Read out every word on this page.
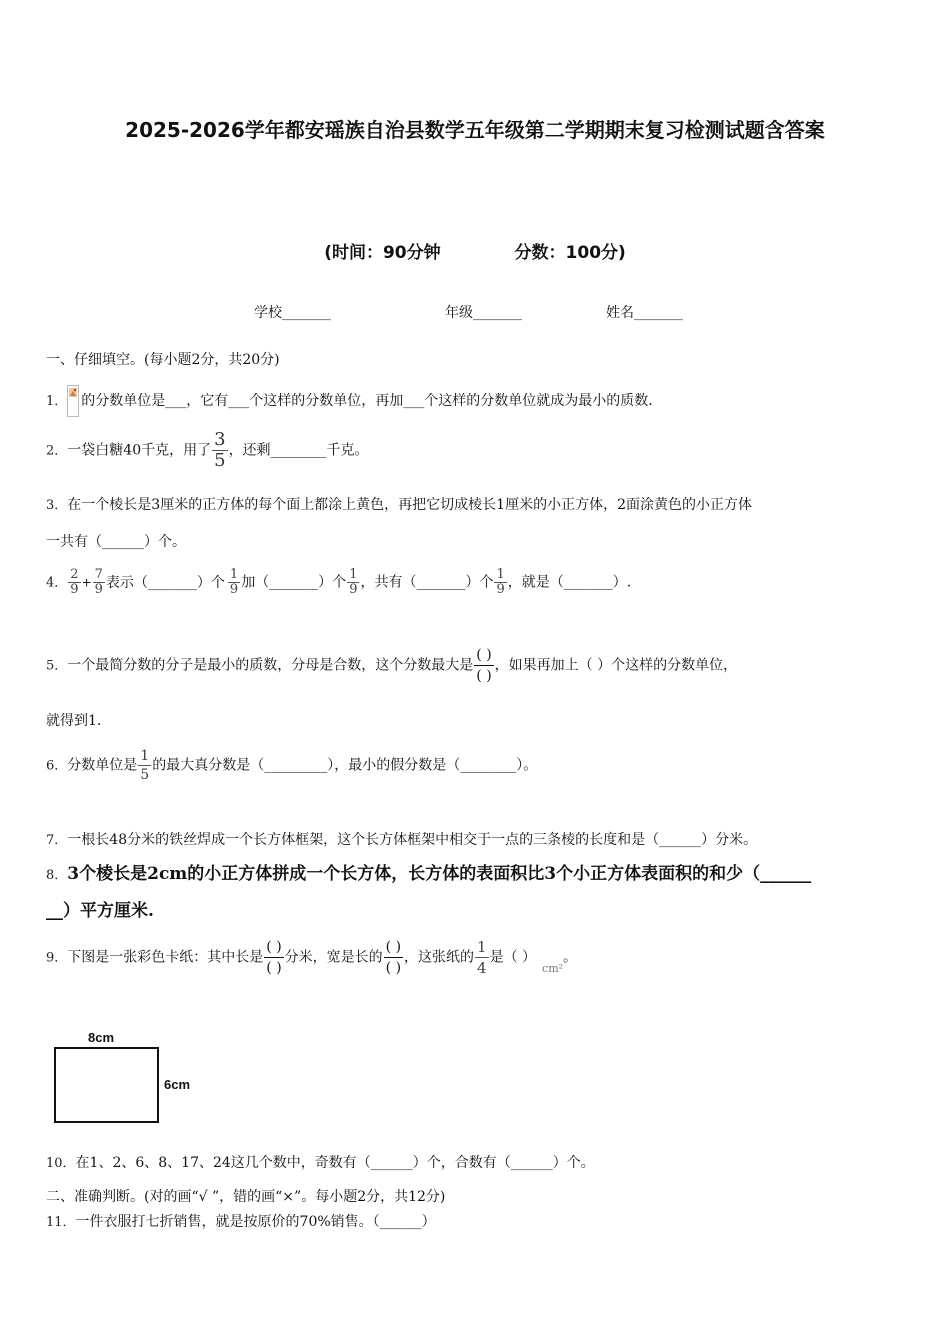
2025-2026学年都安瑶族自治县数学五年级第二学期期末复习检测试题含答案
(时间：90分钟	分数：100分)
学校_______	年级_______	姓名_______
一、仔细填空。(每小题2分，共20分)
1． 的分数单位是___，它有___个这样的分数单位，再加___个这样的分数单位就成为最小的质数.
2．一袋白糖40千克，用了 $\frac{3}{5}$ ，还剩________千克。
3．在一个棱长是3厘米的正方体的每个面上都涂上黄色，再把它切成棱长1厘米的小正方体，2面涂黄色的小正方体
一共有（______）个。
4． $\frac{2}{9} + \frac{7}{9}$ 表示（_______）个 $\frac{1}{9}$ 加（_______）个 $\frac{1}{9}$ ，共有（_______）个 $\frac{1}{9}$ ，就是（_______）.
5．一个最简分数的分子是最小的质数，分母是合数，这个分数最大是 $\frac{( )}{( )}$ ，如果再加上（ ）个这样的分数单位，
就得到1.
6．分数单位是 $\frac{1}{5}$ 的最大真分数是（_________），最小的假分数是（________）。
7．一根长48分米的铁丝焊成一个长方体框架，这个长方体框架中相交于一点的三条棱的长度和是（______）分米。
8．3个棱长是2cm的小正方体拼成一个长方体，长方体的表面积比3个小正方体表面积的和少（______
__）平方厘米.
9．下图是一张彩色卡纸：其中长是 $\frac{( )}{( )}$ 分米，宽是长的 $\frac{( )}{( )}$ ，这张纸的 $\frac{1}{4}$ 是（ ）$_{cm^2}$。
8cm
6cm
10．在1、2、6、8、17、24这几个数中，奇数有（______）个，合数有（______）个。
二、准确判断。(对的画“√ ”，错的画“×”。每小题2分，共12分)
11．一件衣服打七折销售，就是按原价的70%销售。（______）
